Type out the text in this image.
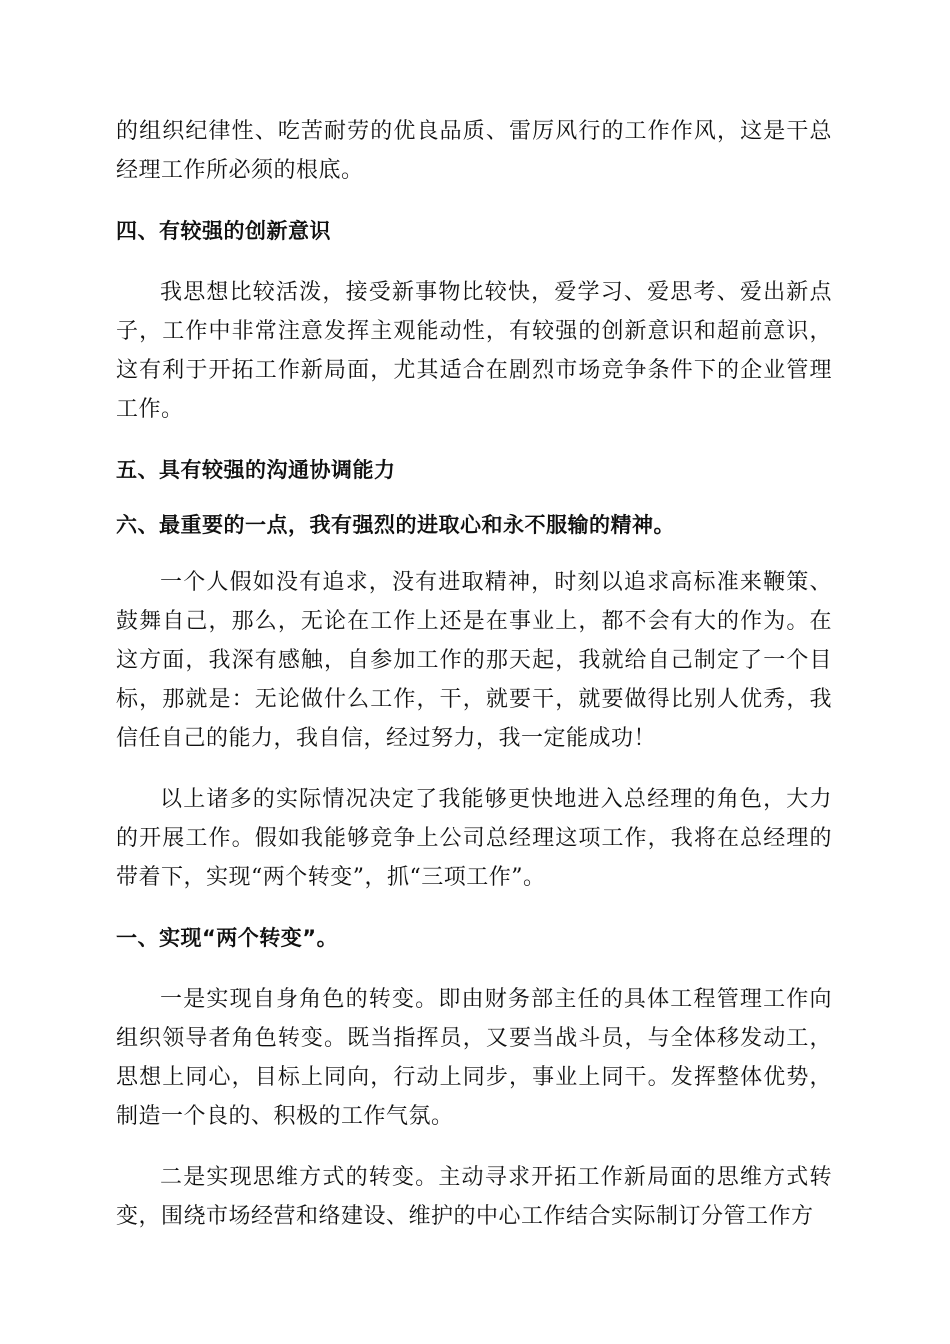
的组织纪律性、吃苦耐劳的优良品质、雷厉风行的工作作风，这是干总经理工作所必须的根底。

四、有较强的创新意识

我思想比较活泼，接受新事物比较快，爱学习、爱思考、爱出新点子，工作中非常注意发挥主观能动性，有较强的创新意识和超前意识，这有利于开拓工作新局面，尤其适合在剧烈市场竞争条件下的企业管理工作。

五、具有较强的沟通协调能力

六、最重要的一点，我有强烈的进取心和永不服输的精神。

一个人假如没有追求，没有进取精神，时刻以追求高标准来鞭策、鼓舞自己，那么，无论在工作上还是在事业上，都不会有大的作为。在这方面，我深有感触，自参加工作的那天起，我就给自己制定了一个目标，那就是：无论做什么工作，干，就要干，就要做得比别人优秀，我信任自己的能力，我自信，经过努力，我一定能成功！

以上诸多的实际情况决定了我能够更快地进入总经理的角色，大力的开展工作。假如我能够竞争上公司总经理这项工作，我将在总经理的带着下，实现“两个转变”，抓“三项工作”。

一、实现“两个转变”。

一是实现自身角色的转变。即由财务部主任的具体工程管理工作向组织领导者角色转变。既当指挥员，又要当战斗员，与全体移发动工，思想上同心，目标上同向，行动上同步，事业上同干。发挥整体优势，制造一个良的、积极的工作气氛。

二是实现思维方式的转变。主动寻求开拓工作新局面的思维方式转变，围绕市场经营和络建设、维护的中心工作结合实际制订分管工作方
